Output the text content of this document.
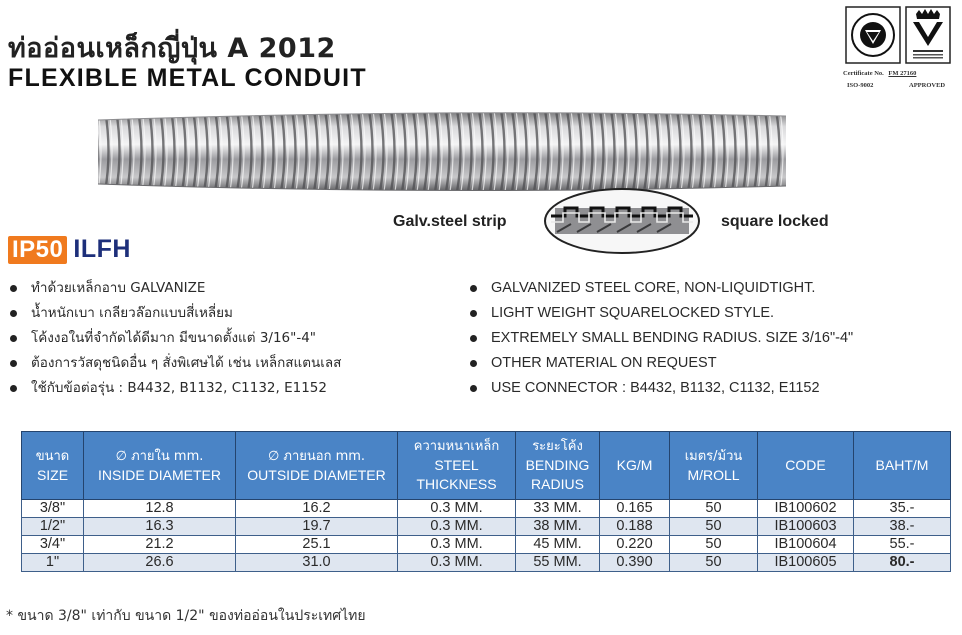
ท่ออ่อนเหล็กญี่ปุ่น A 2012
FLEXIBLE METAL CONDUIT	Certificate No. FM 27160
ISO-9002	APPROVED
Galv.steel strip	square locked
IP50 ILFH
ทำด้วยเหล็กอาบ GALVANIZE
น้ำหนักเบา เกลียวล๊อกแบบสี่เหลี่ยม
โค้งงอในที่จำกัดได้ดีมาก มีขนาดตั้งแต่ 3/16"-4"
ต้องการวัสดุชนิดอื่น ๆ สั่งพิเศษได้ เช่น เหล็กสแตนเลส
ใช้กับข้อต่อรุ่น : B4432, B1132, C1132, E1152
GALVANIZED STEEL CORE, NON-LIQUIDTIGHT.
LIGHT WEIGHT SQUARELOCKED STYLE.
EXTREMELY SMALL BENDING RADIUS. SIZE 3/16"-4"
OTHER MATERIAL ON REQUEST
USE CONNECTOR : B4432, B1132, C1132, E1152
ขนาด
SIZE	∅ ภายใน mm.
INSIDE DIAMETER	∅ ภายนอก mm.
OUTSIDE DIAMETER	ความหนาเหล็ก
STEEL
THICKNESS	ระยะโค้ง
BENDING
RADIUS	KG/M	เมตร/ม้วน
M/ROLL	CODE	BAHT/M

3/8"	12.8	16.2	0.3 MM.	33 MM.	0.165	50	IB100602	35.-
1/2"	16.3	19.7	0.3 MM.	38 MM.	0.188	50	IB100603	38.-
3/4"	21.2	25.1	0.3 MM.	45 MM.	0.220	50	IB100604	55.-
1"	26.6	31.0	0.3 MM.	55 MM.	0.390	50	IB100605	80.-
* ขนาด 3/8" เท่ากับ ขนาด 1/2" ของท่ออ่อนในประเทศไทย
